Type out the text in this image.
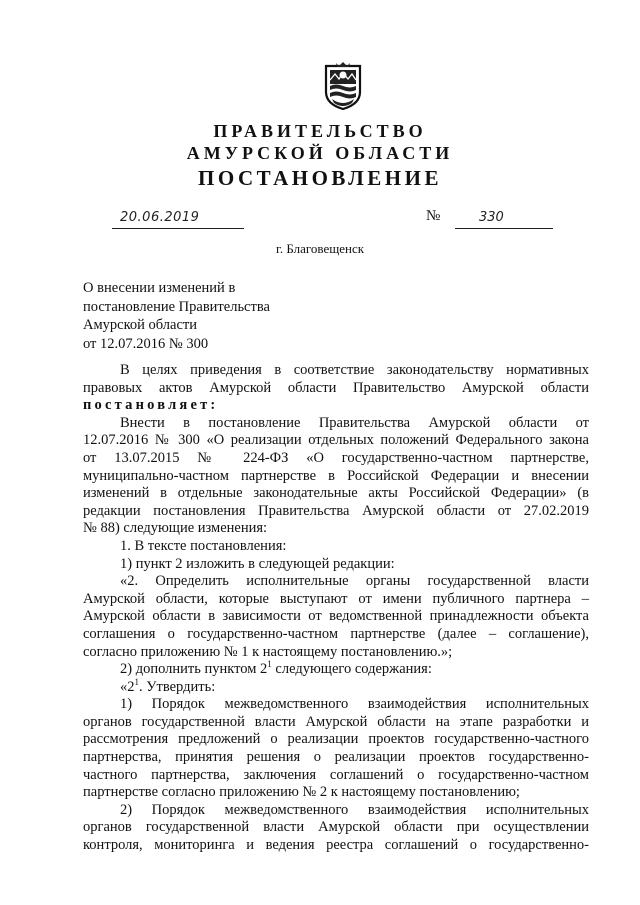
ПРАВИТЕЛЬСТВО
АМУРСКОЙ ОБЛАСТИ
ПОСТАНОВЛЕНИЕ
20.06.2019	№	330
г. Благовещенск
О внесении изменений в
постановление Правительства
Амурской области
от 12.07.2016 № 300

В целях приведения в соответствие законодательству нормативных

правовых актов Амурской области Правительство Амурской области

постановляет:

Внести в постановление Правительства Амурской области от

12.07.2016 № 300 «О реализации отдельных положений Федерального закона

от 13.07.2015 № 224-ФЗ «О государственно-частном партнерстве,

муниципально-частном партнерстве в Российской Федерации и внесении

изменений в отдельные законодательные акты Российской Федерации» (в

редакции постановления Правительства Амурской области от 27.02.2019

№ 88) следующие изменения:

1. В тексте постановления:

1) пункт 2 изложить в следующей редакции:

«2. Определить исполнительные органы государственной власти

Амурской области, которые выступают от имени публичного партнера –

Амурской области в зависимости от ведомственной принадлежности объекта

соглашения о государственно-частном партнерстве (далее – соглашение),

согласно приложению № 1 к настоящему постановлению.»;

2) дополнить пунктом $2^1$ следующего содержания:

«$2^1$. Утвердить:

1) Порядок межведомственного взаимодействия исполнительных

органов государственной власти Амурской области на этапе разработки и

рассмотрения предложений о реализации проектов государственно-частного

партнерства, принятия решения о реализации проектов государственно-

частного партнерства, заключения соглашений о государственно-частном

партнерстве согласно приложению № 2 к настоящему постановлению;

2) Порядок межведомственного взаимодействия исполнительных

органов государственной власти Амурской области при осуществлении

контроля, мониторинга и ведения реестра соглашений о государственно-
